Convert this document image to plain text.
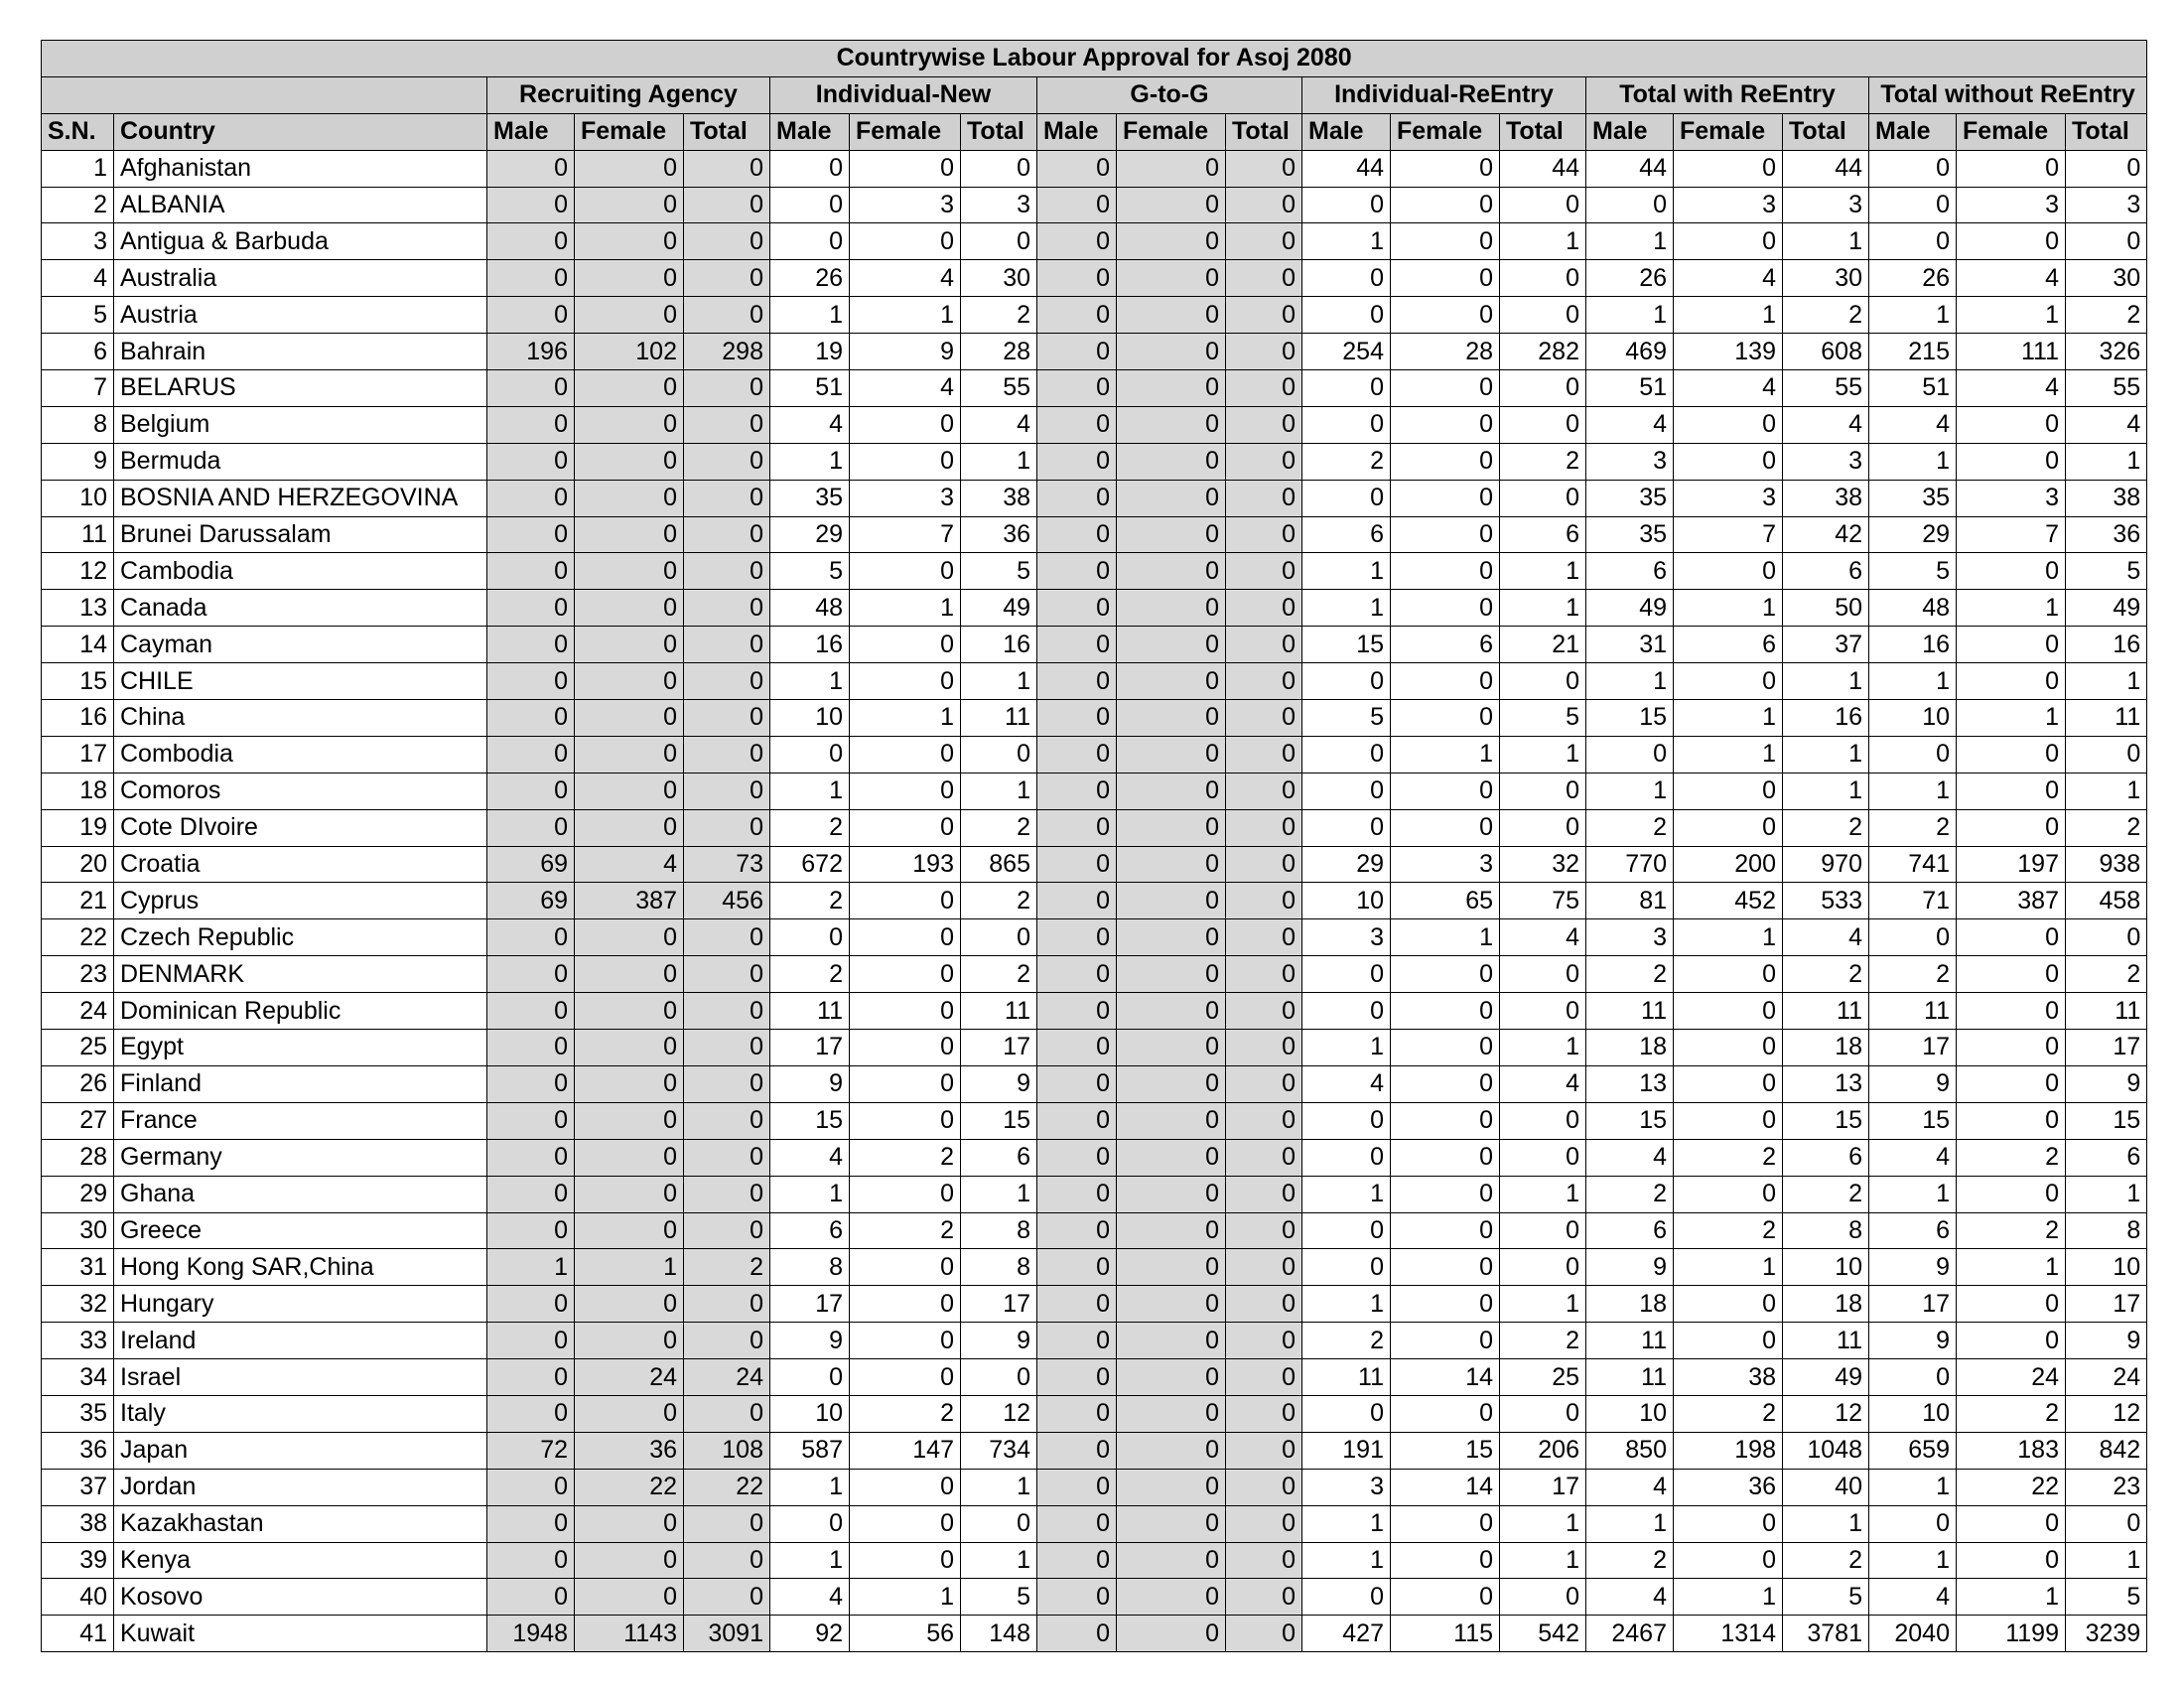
Countrywise Labour Approval for Asoj 2080																			
		Recruiting Agency			Individual-New			G-to-G			Individual-ReEntry			Total with ReEntry			Total without ReEntry		
S.N.	Country	Male	Female	Total	Male	Female	Total	Male	Female	Total	Male	Female	Total	Male	Female	Total	Male	Female	Total
1	Afghanistan	0	0	0	0	0	0	0	0	0	44	0	44	44	0	44	0	0	0
2	ALBANIA	0	0	0	0	3	3	0	0	0	0	0	0	0	3	3	0	3	3
3	Antigua & Barbuda	0	0	0	0	0	0	0	0	0	1	0	1	1	0	1	0	0	0
4	Australia	0	0	0	26	4	30	0	0	0	0	0	0	26	4	30	26	4	30
5	Austria	0	0	0	1	1	2	0	0	0	0	0	0	1	1	2	1	1	2
6	Bahrain	196	102	298	19	9	28	0	0	0	254	28	282	469	139	608	215	111	326
7	BELARUS	0	0	0	51	4	55	0	0	0	0	0	0	51	4	55	51	4	55
8	Belgium	0	0	0	4	0	4	0	0	0	0	0	0	4	0	4	4	0	4
9	Bermuda	0	0	0	1	0	1	0	0	0	2	0	2	3	0	3	1	0	1
10	BOSNIA AND HERZEGOVINA	0	0	0	35	3	38	0	0	0	0	0	0	35	3	38	35	3	38
11	Brunei Darussalam	0	0	0	29	7	36	0	0	0	6	0	6	35	7	42	29	7	36
12	Cambodia	0	0	0	5	0	5	0	0	0	1	0	1	6	0	6	5	0	5
13	Canada	0	0	0	48	1	49	0	0	0	1	0	1	49	1	50	48	1	49
14	Cayman	0	0	0	16	0	16	0	0	0	15	6	21	31	6	37	16	0	16
15	CHILE	0	0	0	1	0	1	0	0	0	0	0	0	1	0	1	1	0	1
16	China	0	0	0	10	1	11	0	0	0	5	0	5	15	1	16	10	1	11
17	Combodia	0	0	0	0	0	0	0	0	0	0	1	1	0	1	1	0	0	0
18	Comoros	0	0	0	1	0	1	0	0	0	0	0	0	1	0	1	1	0	1
19	Cote DIvoire	0	0	0	2	0	2	0	0	0	0	0	0	2	0	2	2	0	2
20	Croatia	69	4	73	672	193	865	0	0	0	29	3	32	770	200	970	741	197	938
21	Cyprus	69	387	456	2	0	2	0	0	0	10	65	75	81	452	533	71	387	458
22	Czech Republic	0	0	0	0	0	0	0	0	0	3	1	4	3	1	4	0	0	0
23	DENMARK	0	0	0	2	0	2	0	0	0	0	0	0	2	0	2	2	0	2
24	Dominican Republic	0	0	0	11	0	11	0	0	0	0	0	0	11	0	11	11	0	11
25	Egypt	0	0	0	17	0	17	0	0	0	1	0	1	18	0	18	17	0	17
26	Finland	0	0	0	9	0	9	0	0	0	4	0	4	13	0	13	9	0	9
27	France	0	0	0	15	0	15	0	0	0	0	0	0	15	0	15	15	0	15
28	Germany	0	0	0	4	2	6	0	0	0	0	0	0	4	2	6	4	2	6
29	Ghana	0	0	0	1	0	1	0	0	0	1	0	1	2	0	2	1	0	1
30	Greece	0	0	0	6	2	8	0	0	0	0	0	0	6	2	8	6	2	8
31	Hong Kong SAR,China	1	1	2	8	0	8	0	0	0	0	0	0	9	1	10	9	1	10
32	Hungary	0	0	0	17	0	17	0	0	0	1	0	1	18	0	18	17	0	17
33	Ireland	0	0	0	9	0	9	0	0	0	2	0	2	11	0	11	9	0	9
34	Israel	0	24	24	0	0	0	0	0	0	11	14	25	11	38	49	0	24	24
35	Italy	0	0	0	10	2	12	0	0	0	0	0	0	10	2	12	10	2	12
36	Japan	72	36	108	587	147	734	0	0	0	191	15	206	850	198	1048	659	183	842
37	Jordan	0	22	22	1	0	1	0	0	0	3	14	17	4	36	40	1	22	23
38	Kazakhastan	0	0	0	0	0	0	0	0	0	1	0	1	1	0	1	0	0	0
39	Kenya	0	0	0	1	0	1	0	0	0	1	0	1	2	0	2	1	0	1
40	Kosovo	0	0	0	4	1	5	0	0	0	0	0	0	4	1	5	4	1	5
41	Kuwait	1948	1143	3091	92	56	148	0	0	0	427	115	542	2467	1314	3781	2040	1199	3239
